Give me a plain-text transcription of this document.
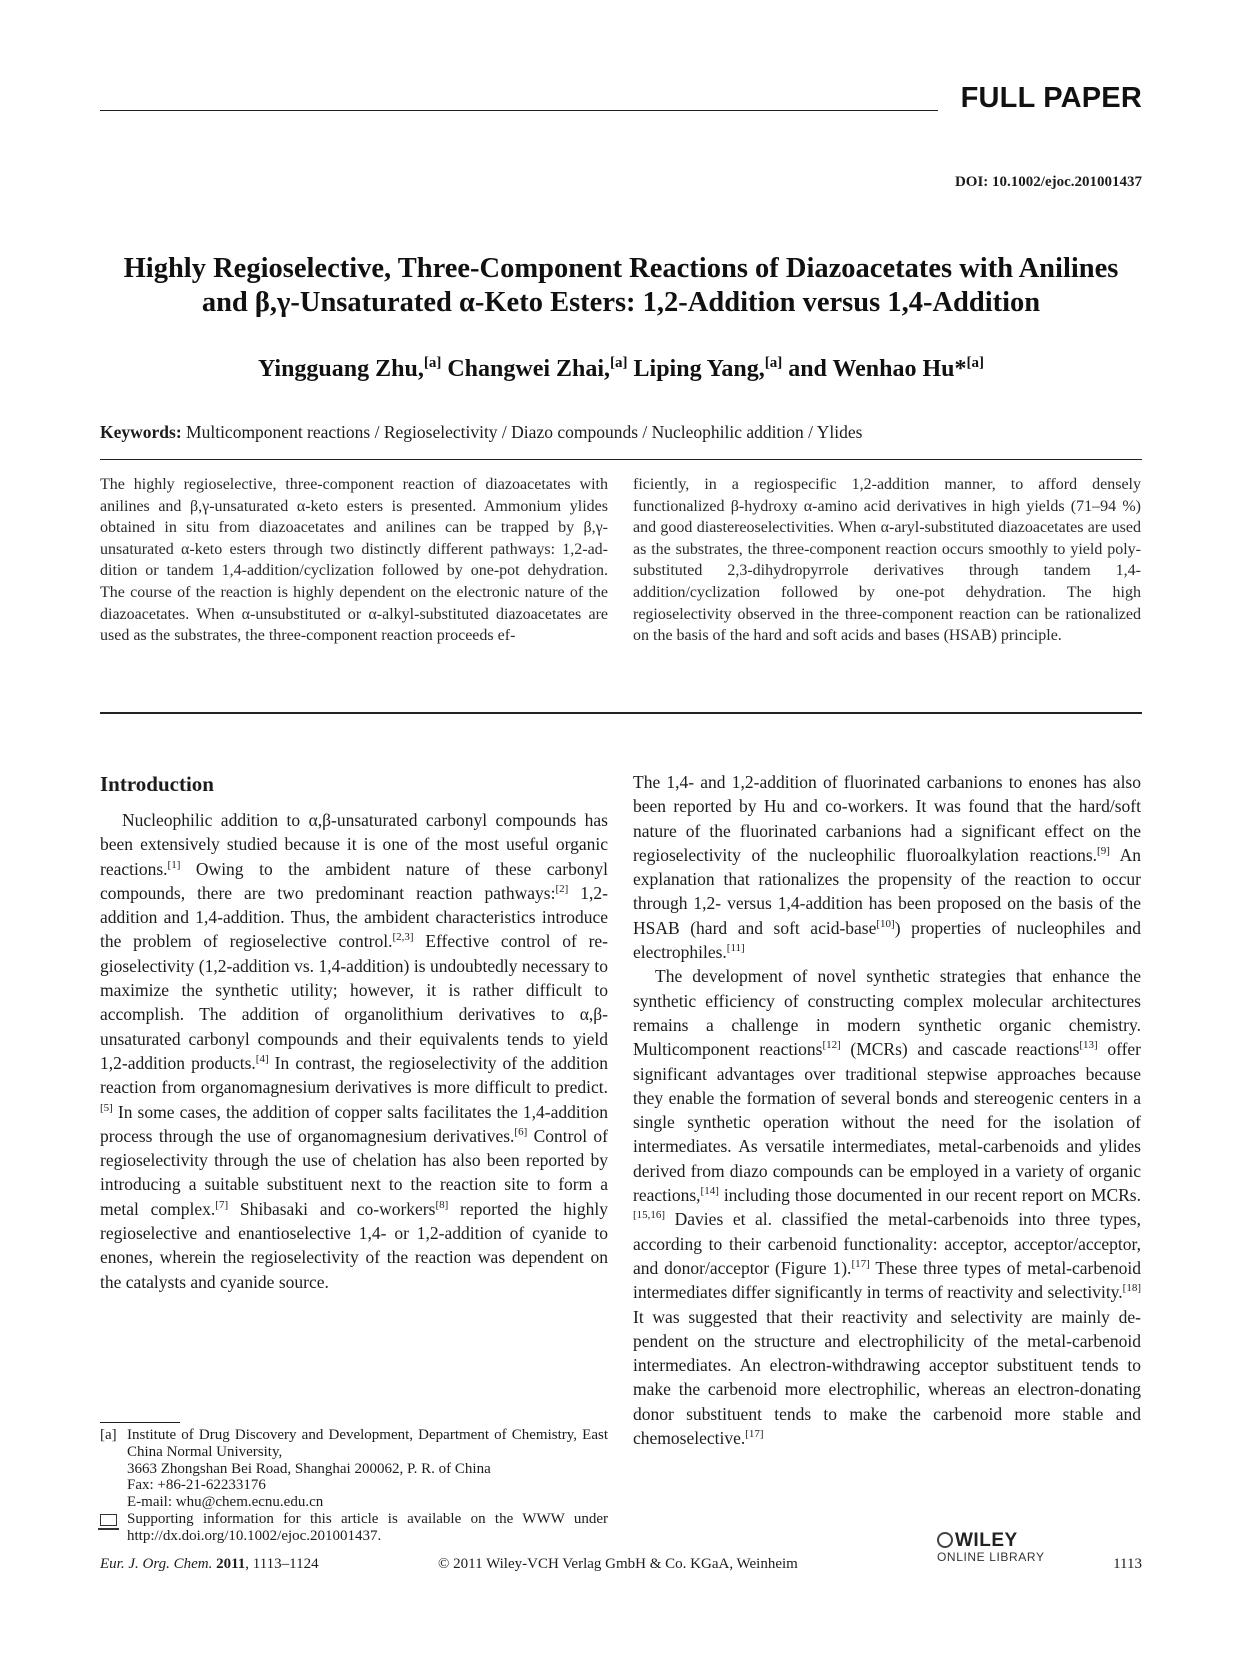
FULL PAPER
DOI: 10.1002/ejoc.201001437
Highly Regioselective, Three-Component Reactions of Diazoacetates with Anilines and β,γ-Unsaturated α-Keto Esters: 1,2-Addition versus 1,4-Addition
Yingguang Zhu,[a] Changwei Zhai,[a] Liping Yang,[a] and Wenhao Hu*[a]
Keywords: Multicomponent reactions / Regioselectivity / Diazo compounds / Nucleophilic addition / Ylides
The highly regioselective, three-component reaction of diazoacetates with anilines and β,γ-unsaturated α-keto esters is presented. Ammonium ylides obtained in situ from diazoacetates and anilines can be trapped by β,γ-unsaturated α-keto esters through two distinctly different pathways: 1,2-addition or tandem 1,4-addition/cyclization followed by one-pot dehydration. The course of the reaction is highly dependent on the electronic nature of the diazoacetates. When α-unsubstituted or α-alkyl-substituted diazoacetates are used as the substrates, the three-component reaction proceeds ef-
ficiently, in a regiospecific 1,2-addition manner, to afford densely functionalized β-hydroxy α-amino acid derivatives in high yields (71–94 %) and good diastereoselectivities. When α-aryl-substituted diazoacetates are used as the substrates, the three-component reaction occurs smoothly to yield polysubstituted 2,3-dihydropyrrole derivatives through tandem 1,4-addition/cyclization followed by one-pot dehydration. The high regioselectivity observed in the three-component reaction can be rationalized on the basis of the hard and soft acids and bases (HSAB) principle.
Introduction

Nucleophilic addition to α,β-unsaturated carbonyl compounds has been extensively studied because it is one of the most useful organic reactions.[1] Owing to the ambident nature of these carbonyl compounds, there are two predominant reaction pathways:[2] 1,2-addition and 1,4-addition. Thus, the ambident characteristics introduce the problem of regioselective control.[2,3] Effective control of regioselectivity (1,2-addition vs. 1,4-addition) is undoubtedly necessary to maximize the synthetic utility; however, it is rather difficult to accomplish. The addition of organolithium derivatives to α,β-unsaturated carbonyl compounds and their equivalents tends to yield 1,2-addition products.[4] In contrast, the regioselectivity of the addition reaction from organomagnesium derivatives is more difficult to predict.[5] In some cases, the addition of copper salts facilitates the 1,4-addition process through the use of organomagnesium derivatives.[6] Control of regioselectivity through the use of chelation has also been reported by introducing a suitable substituent next to the reaction site to form a metal complex.[7] Shibasaki and co-workers[8] reported the highly regioselective and enantioselective 1,4- or 1,2-addition of cyanide to enones, wherein the regioselectivity of the reaction was dependent on the catalysts and cyanide source.

The 1,4- and 1,2-addition of fluorinated carbanions to enones has also been reported by Hu and co-workers. It was found that the hard/soft nature of the fluorinated carbanions had a significant effect on the regioselectivity of the nucleophilic fluoroalkylation reactions.[9] An explanation that rationalizes the propensity of the reaction to occur through 1,2- versus 1,4-addition has been proposed on the basis of the HSAB (hard and soft acid-base[10]) properties of nucleophiles and electrophiles.[11]

The development of novel synthetic strategies that enhance the synthetic efficiency of constructing complex molecular architectures remains a challenge in modern synthetic organic chemistry. Multicomponent reactions[12] (MCRs) and cascade reactions[13] offer significant advantages over traditional stepwise approaches because they enable the formation of several bonds and stereogenic centers in a single synthetic operation without the need for the isolation of intermediates. As versatile intermediates, metal-carbenoids and ylides derived from diazo compounds can be employed in a variety of organic reactions,[14] including those documented in our recent report on MCRs.[15,16] Davies et al. classified the metal-carbenoids into three types, according to their carbenoid functionality: acceptor, acceptor/acceptor, and donor/acceptor (Figure 1).[17] These three types of metal-carbenoid intermediates differ significantly in terms of reactivity and selectivity.[18] It was suggested that their reactivity and selectivity are mainly dependent on the structure and electrophilicity of the metal-carbenoid intermediates. An electron-withdrawing acceptor substituent tends to make the carbenoid more electrophilic, whereas an electron-donating donor substituent tends to make the carbenoid more stable and chemoselective.[17]

[a] Institute of Drug Discovery and Development, Department of Chemistry, East China Normal University,
3663 Zhongshan Bei Road, Shanghai 200062, P. R. of China
Fax: +86-21-62233176
E-mail: whu@chem.ecnu.edu.cn
Supporting information for this article is available on the WWW under http://dx.doi.org/10.1002/ejoc.201001437.
Eur. J. Org. Chem. 2011, 1113–1124	© 2011 Wiley-VCH Verlag GmbH & Co. KGaA, Weinheim
WILEY
ONLINE LIBRARY	1113
